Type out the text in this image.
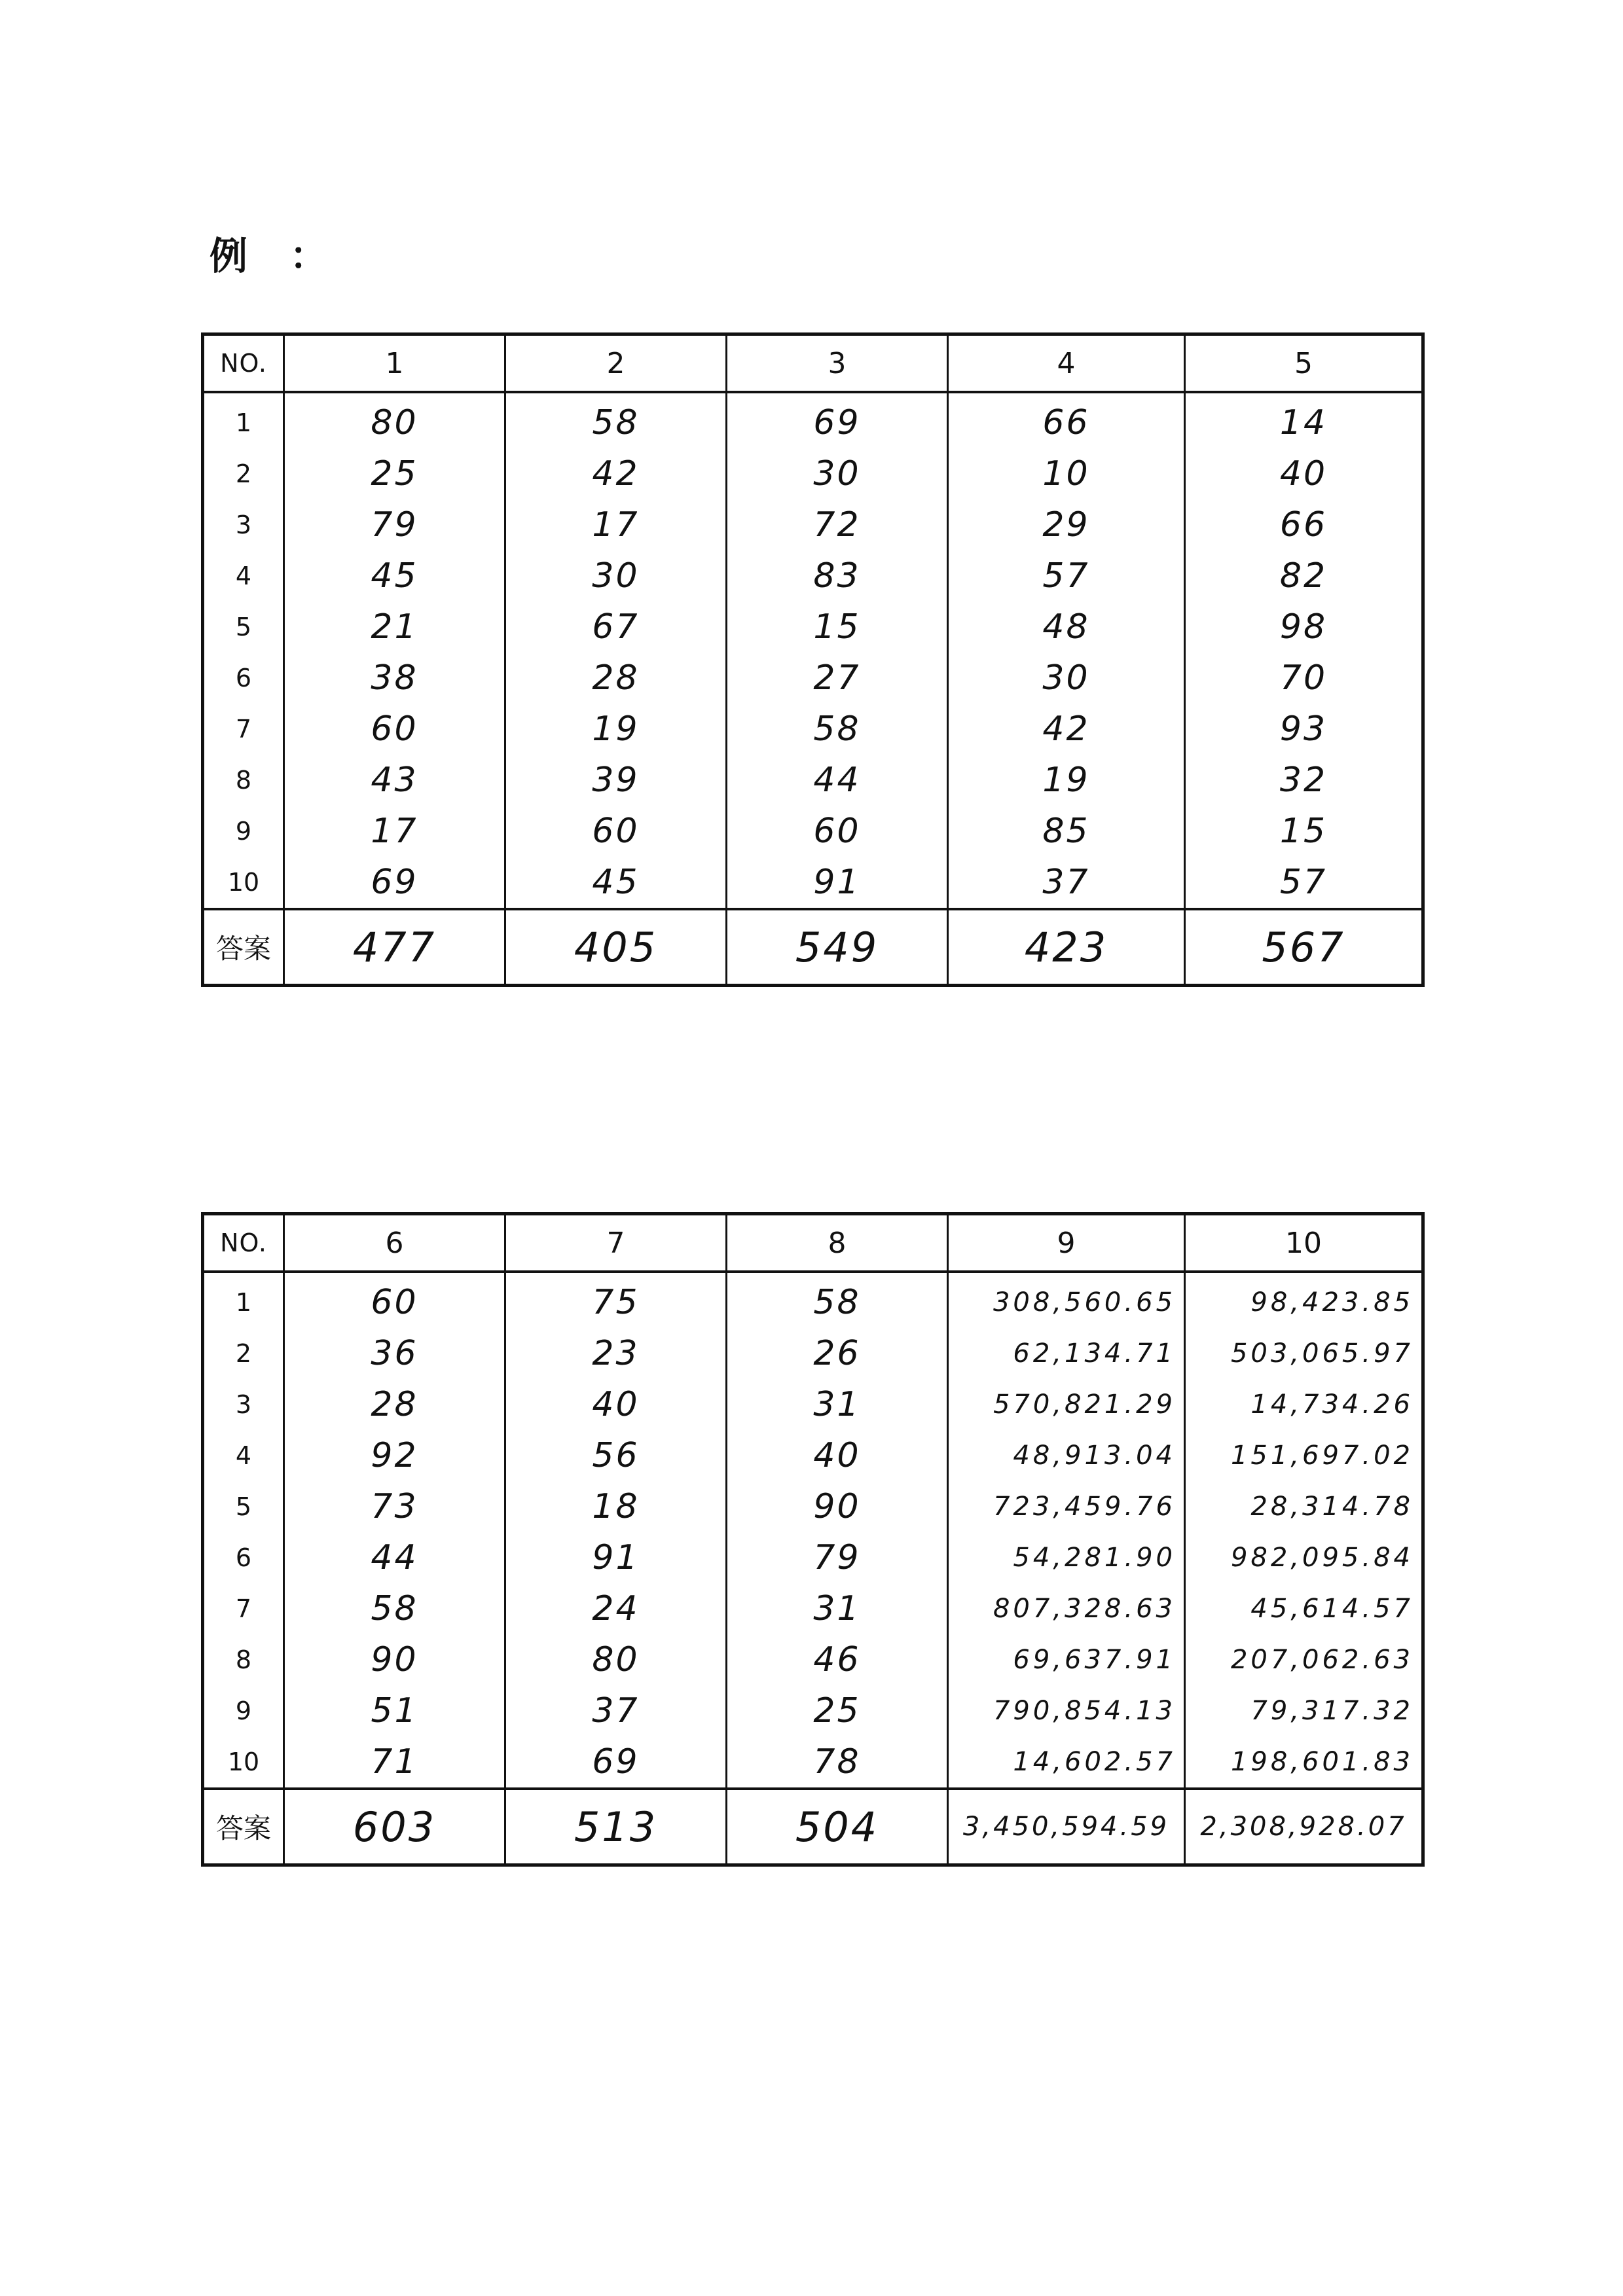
例 ：
NO.	1	2	3	4	5
1	80	58	69	66	14
2	25	42	30	10	40
3	79	17	72	29	66
4	45	30	83	57	82
5	21	67	15	48	98
6	38	28	27	30	70
7	60	19	58	42	93
8	43	39	44	19	32
9	17	60	60	85	15
10	69	45	91	37	57
答案	477	405	549	423	567
NO.	6	7	8	9	10
1	60	75	58	308,560.65	98,423.85
2	36	23	26	62,134.71	503,065.97
3	28	40	31	570,821.29	14,734.26
4	92	56	40	48,913.04	151,697.02
5	73	18	90	723,459.76	28,314.78
6	44	91	79	54,281.90	982,095.84
7	58	24	31	807,328.63	45,614.57
8	90	80	46	69,637.91	207,062.63
9	51	37	25	790,854.13	79,317.32
10	71	69	78	14,602.57	198,601.83
答案	603	513	504	3,450,594.59	2,308,928.07
